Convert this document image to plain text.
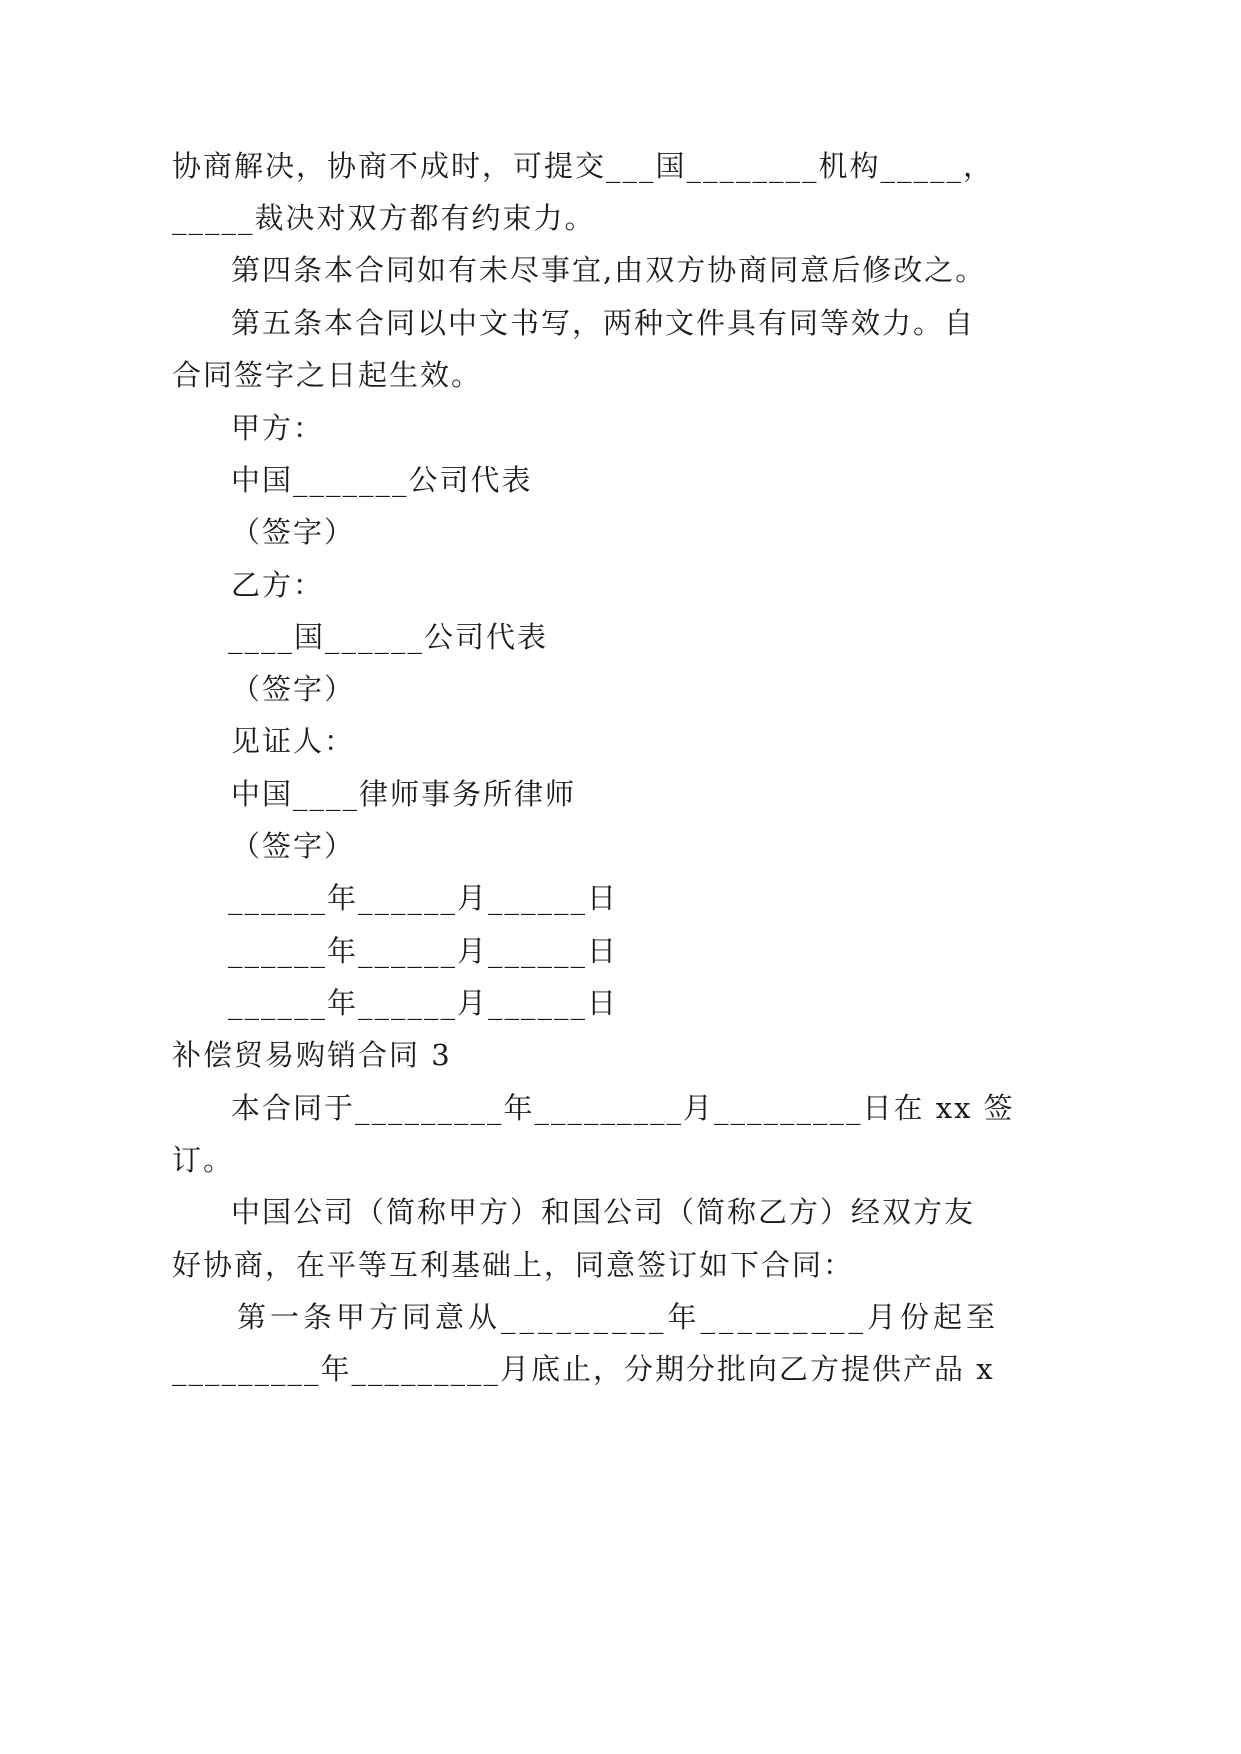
协商解决，协商不成时，可提交___国________机构_____，
_____裁决对双方都有约束力。
第四条本合同如有未尽事宜,由双方协商同意后修改之。
第五条本合同以中文书写，两种文件具有同等效力。自
合同签字之日起生效。
甲方：
中国_______公司代表
（签字）
乙方：
____国______公司代表
（签字）
见证人：
中国____律师事务所律师
（签字）
______年______月______日
______年______月______日
______年______月______日
补偿贸易购销合同 3
本合同于_________年_________月_________日在 xx 签
订。
中国公司（简称甲方）和国公司（简称乙方）经双方友
好协商，在平等互利基础上，同意签订如下合同：
第一条甲方同意从_________年_________月份起至
_________年_________月底止，分期分批向乙方提供产品 x
